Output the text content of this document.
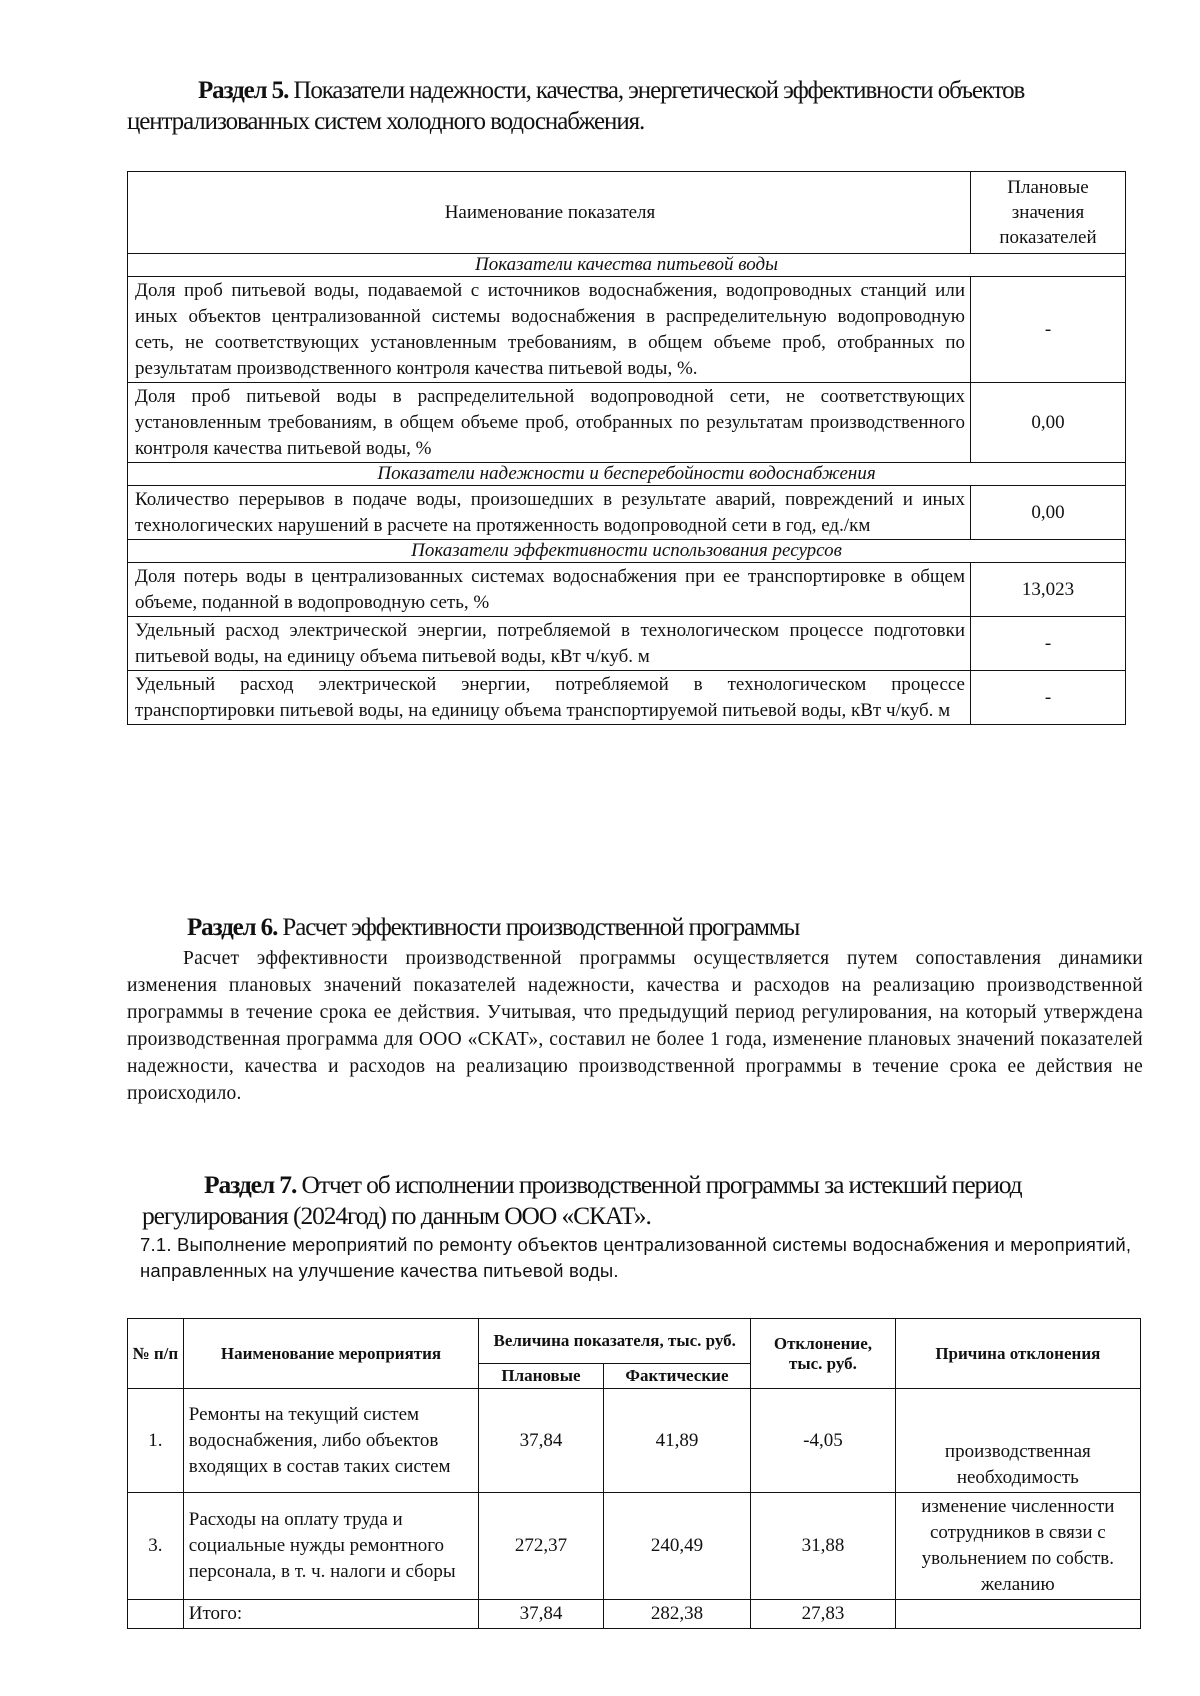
Раздел 5. Показатели надежности, качества, энергетической эффективности объектов централизованных систем холодного водоснабжения.
Наименование показателя	Плановые значения показателей
Показатели качества питьевой воды	
Доля проб питьевой воды, подаваемой с источников водоснабжения, водопроводных станций или иных объектов централизованной системы водоснабжения в распределительную водопроводную сеть, не соответствующих установленным требованиям, в общем объеме проб, отобранных по результатам производственного контроля качества питьевой воды, %.	-
Доля проб питьевой воды в распределительной водопроводной сети, не соответствующих установленным требованиям, в общем объеме проб, отобранных по результатам производственного контроля качества питьевой воды, %	0,00
Показатели надежности и бесперебойности водоснабжения	
Количество перерывов в подаче воды, произошедших в результате аварий, повреждений и иных технологических нарушений в расчете на протяженность водопроводной сети в год, ед./км	0,00
Показатели эффективности использования ресурсов	
Доля потерь воды в централизованных системах водоснабжения при ее транспортировке в общем объеме, поданной в водопроводную сеть, %	13,023
Удельный расход электрической энергии, потребляемой в технологическом процессе подготовки питьевой воды, на единицу объема питьевой воды, кВт ч/куб. м	-
Удельный расход электрической энергии, потребляемой в технологическом процессе транспортировки питьевой воды, на единицу объема транспортируемой питьевой воды, кВт ч/куб. м	-
Раздел 6. Расчет эффективности производственной программы
Расчет эффективности производственной программы осуществляется путем сопоставления динамики изменения плановых значений показателей надежности, качества и расходов на реализацию производственной программы в течение срока ее действия. Учитывая, что предыдущий период регулирования, на который утверждена производственная программа для ООО «СКАТ», составил не более 1 года, изменение плановых значений показателей надежности, качества и расходов на реализацию производственной программы в течение срока ее действия не происходило.
Раздел 7. Отчет об исполнении производственной программы за истекший период регулирования (2024год) по данным ООО «СКАТ».
7.1. Выполнение мероприятий по ремонту объектов централизованной системы водоснабжения и мероприятий, направленных на улучшение качества питьевой воды.
№ п/п	Наименование мероприятия	Величина показателя, тыс. руб.		Отклонение, тыс. руб.	Причина отклонения
		Плановые	Фактические		
1.	Ремонты на текущий систем водоснабжения, либо объектов входящих в состав таких систем	37,84	41,89	-4,05	производственная необходимость
3.	Расходы на оплату труда и социальные нужды ремонтного персонала, в т. ч. налоги и сборы	272,37	240,49	31,88	изменение численности сотрудников в связи с увольнением по собств. желанию
	Итого:	37,84	282,38	27,83	
